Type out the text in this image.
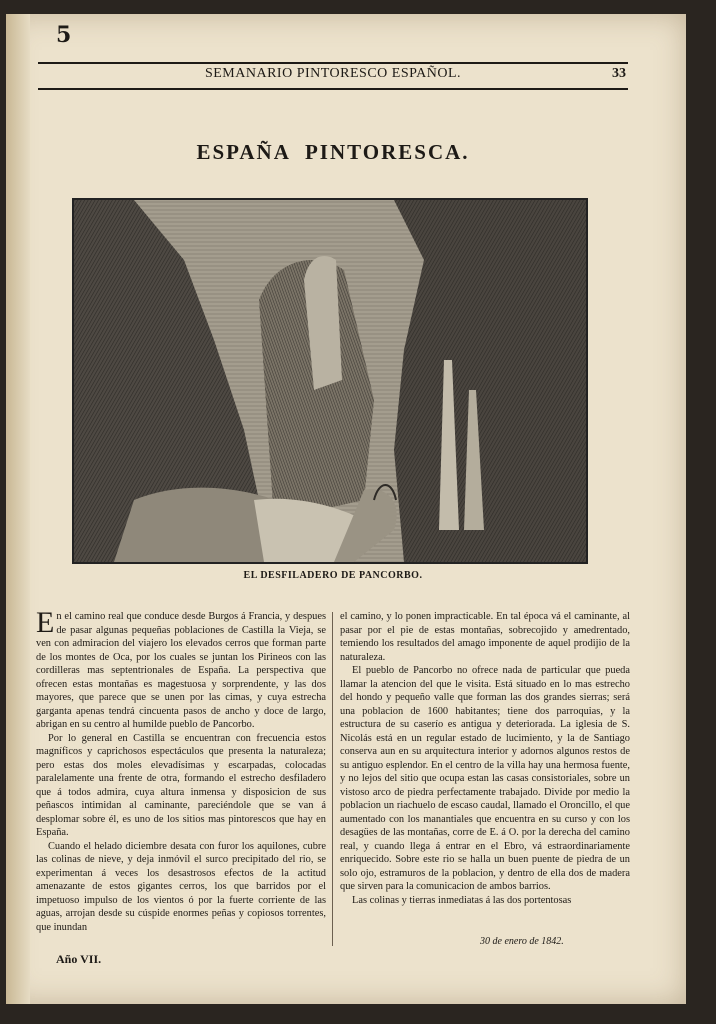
5
SEMANARIO PINTORESCO ESPAÑOL.	33
ESPAÑA PINTORESCA.
EL DESFILADERO DE PANCORBO.

En el camino real que conduce desde Burgos á Francia, y despues de pasar algunas pequeñas poblaciones de Castilla la Vieja, se ven con admiracion del viajero los elevados cerros que forman parte de los montes de Oca, por los cuales se juntan los Pirineos con las cordilleras mas septentrionales de España. La perspectiva que ofrecen estas montañas es magestuosa y sorprendente, y las dos mayores, que parece que se unen por las cimas, y cuya estrecha garganta apenas tendrá cincuenta pasos de ancho y doce de largo, abrigan en su centro al humilde pueblo de Pancorbo.

Por lo general en Castilla se encuentran con frecuencia estos magníficos y caprichosos espectáculos que presenta la naturaleza; pero estas dos moles elevadísimas y escarpadas, colocadas paralelamente una frente de otra, formando el estrecho desfiladero que á todos admira, cuya altura inmensa y disposicion de sus peñascos intimidan al caminante, pareciéndole que se van á desplomar sobre él, es uno de los sitios mas pintorescos que hay en España.

Cuando el helado diciembre desata con furor los aquilones, cubre las colinas de nieve, y deja inmóvil el surco precipitado del rio, se experimentan á veces los desastrosos efectos de la actitud amenazante de estos gigantes cerros, los que barridos por el impetuoso impulso de los vientos ó por la fuerte corriente de las aguas, arrojan desde su cúspide enormes peñas y copiosos torrentes, que inundan

el camino, y lo ponen impracticable. En tal época vá el caminante, al pasar por el pie de estas montañas, sobrecojido y amedrentado, temiendo los resultados del amago imponente de aquel prodijio de la naturaleza.

El pueblo de Pancorbo no ofrece nada de particular que pueda llamar la atencion del que le visita. Está situado en lo mas estrecho del hondo y pequeño valle que forman las dos grandes sierras; será una poblacion de 1600 habitantes; tiene dos parroquias, y la estructura de su caserío es antigua y deteriorada. La iglesia de S. Nicolás está en un regular estado de lucimiento, y la de Santiago conserva aun en su arquitectura interior y adornos algunos restos de su antiguo esplendor. En el centro de la villa hay una hermosa fuente, y no lejos del sitio que ocupa estan las casas consistoriales, sobre un vistoso arco de piedra perfectamente trabajado. Divide por medio la poblacion un riachuelo de escaso caudal, llamado el Oroncillo, el que aumentado con los manantiales que encuentra en su curso y con los desagües de las montañas, corre de E. á O. por la derecha del camino real, y cuando llega á entrar en el Ebro, vá estraordinariamente enriquecido. Sobre este rio se halla un buen puente de piedra de un solo ojo, estramuros de la poblacion, y dentro de ella dos de madera que sirven para la comunicacion de ambos barrios.

Las colinas y tierras inmediatas á las dos portentosas

Año VII.
30 de enero de 1842.
